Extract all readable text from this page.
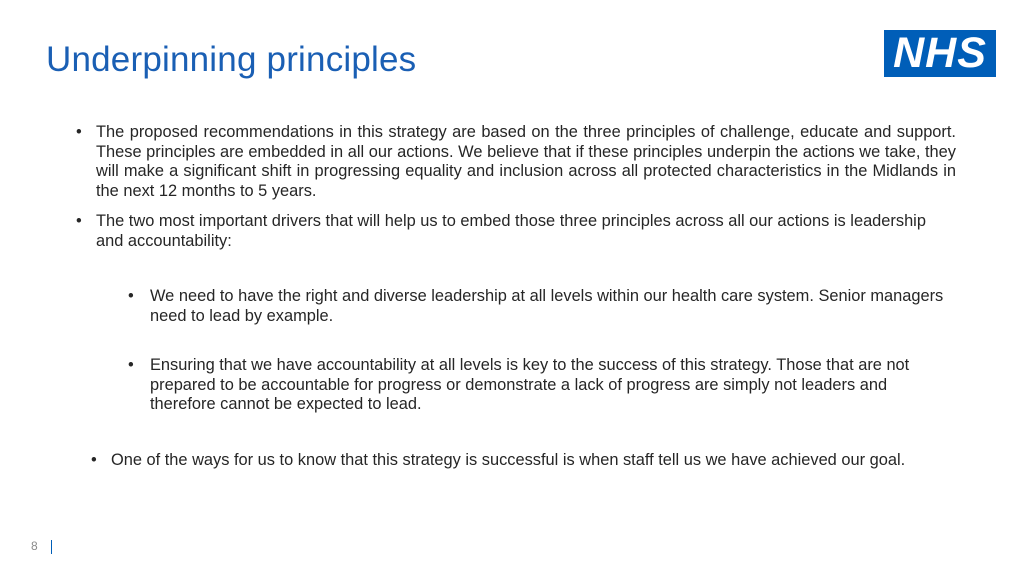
Underpinning principles	NHS
• The proposed recommendations in this strategy are based on the three principles of challenge, educate and support. These principles are embedded in all our actions. We believe that if these principles underpin the actions we take, they will make a significant shift in progressing equality and inclusion across all protected characteristics in the Midlands in the next 12 months to 5 years.
• The two most important drivers that will help us to embed those three principles across all our actions is leadership and accountability:
• We need to have the right and diverse leadership at all levels within our health care system. Senior managers need to lead by example.
• Ensuring that we have accountability at all levels is key to the success of this strategy. Those that are not prepared to be accountable for progress or demonstrate a lack of progress are simply not leaders and therefore cannot be expected to lead.
• One of the ways for us to know that this strategy is successful is when staff tell us we have achieved our goal.
8
